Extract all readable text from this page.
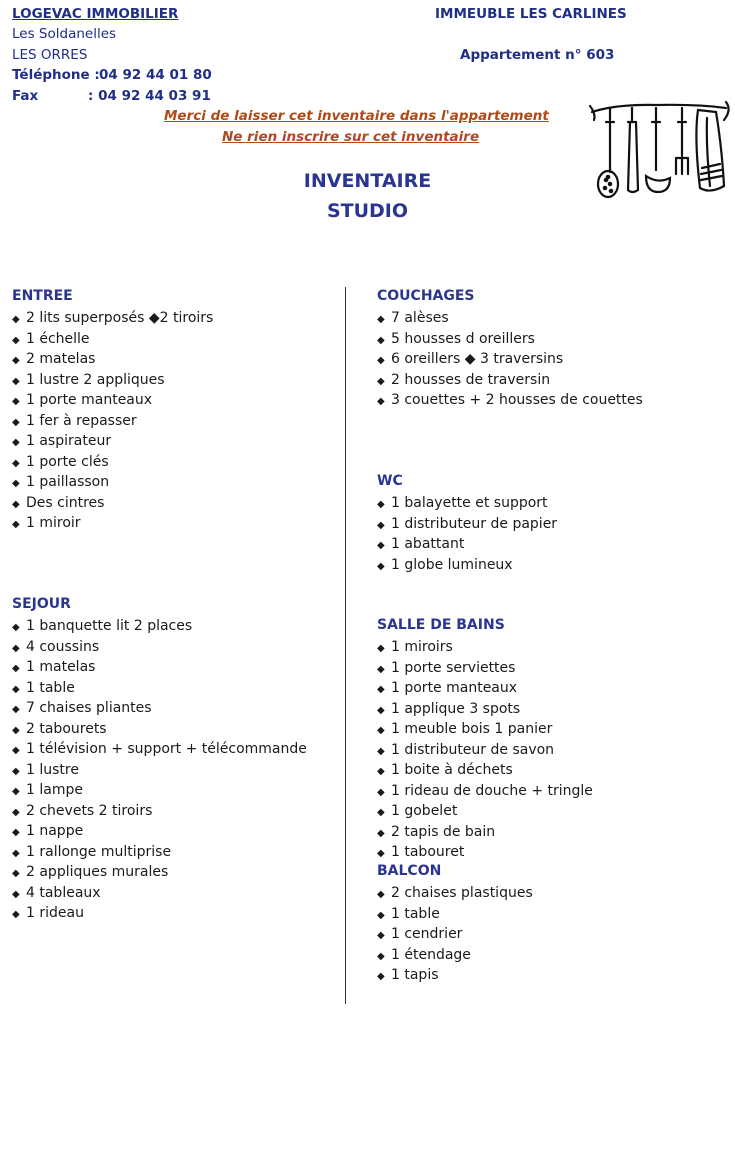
LOGEVAC IMMOBILIER
Les Soldanelles
LES ORRES
Téléphone : 04 92 44 01 80
Fax	: 04 92 44 03 91
IMMEUBLE LES CARLINES
Appartement n° 603
Merci de laisser cet inventaire dans l'appartement
Ne rien inscrire sur cet inventaire
INVENTAIRE
STUDIO
ENTREE
◆ 2 lits superposés ◆2 tiroirs
◆ 1 échelle
◆ 2 matelas
◆ 1 lustre 2 appliques
◆ 1 porte manteaux
◆ 1 fer à repasser
◆ 1 aspirateur
◆ 1 porte clés
◆ 1 paillasson
◆ Des cintres
◆ 1 miroir
SEJOUR
◆ 1 banquette lit 2 places
◆ 4 coussins
◆ 1 matelas
◆ 1 table
◆ 7 chaises pliantes
◆ 2 tabourets
◆ 1 télévision + support + télécommande
◆ 1 lustre
◆ 1 lampe
◆ 2 chevets 2 tiroirs
◆ 1 nappe
◆ 1 rallonge multiprise
◆ 2 appliques murales
◆ 4 tableaux
◆ 1 rideau
COUCHAGES
◆ 7 alèses
◆ 5 housses d oreillers
◆ 6 oreillers ◆ 3 traversins
◆ 2 housses de traversin
◆ 3 couettes + 2 housses de couettes
WC
◆ 1 balayette et support
◆ 1 distributeur de papier
◆ 1 abattant
◆ 1 globe lumineux
SALLE DE BAINS
◆ 1 miroirs
◆ 1 porte serviettes
◆ 1 porte manteaux
◆ 1 applique 3 spots
◆ 1 meuble bois 1 panier
◆ 1 distributeur de savon
◆ 1 boite à déchets
◆ 1 rideau de douche + tringle
◆ 1 gobelet
◆ 2 tapis de bain
◆ 1 tabouret
BALCON
◆ 2 chaises plastiques
◆ 1 table
◆ 1 cendrier
◆ 1 étendage
◆ 1 tapis
